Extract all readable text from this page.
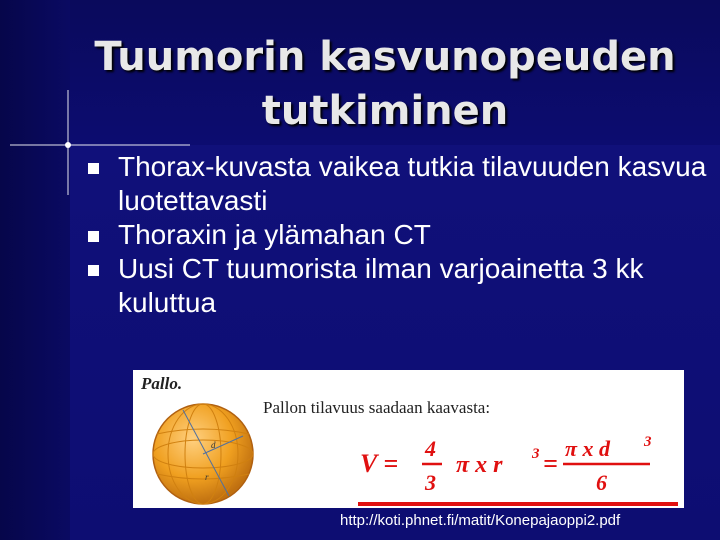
Tuumorin kasvunopeuden tutkiminen
Thorax-kuvasta vaikea tutkia tilavuuden kasvua luotettavasti
Thoraxin ja ylämahan CT
Uusi CT tuumorista ilman varjoainetta 3 kk kuluttua
Pallo.
Pallon tilavuus saadaan kaavasta:
d
r	V =
4
3
π x r 3 =
π x d 3
6
http://koti.phnet.fi/matit/Konepajaoppi2.pdf
